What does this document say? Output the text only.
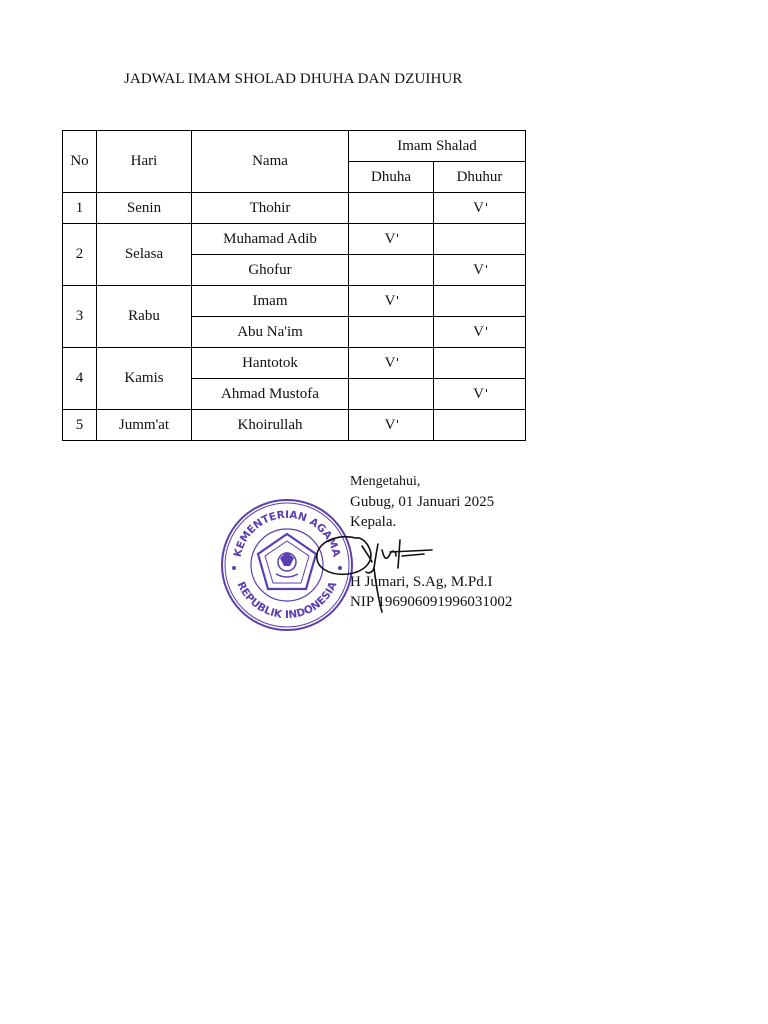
JADWAL IMAM SHOLAD DHUHA DAN DZUIHUR
No	Hari	Nama	Imam Shalad	
			Dhuha	Dhuhur
1	Senin	Thohir		V
2	Selasa	Muhamad Adib	V	
		Ghofur		V
3	Rabu	Imam	V	
		Abu Na'im		V
4	Kamis	Hantotok	V	
		Ahmad Mustofa		V
5	Jumm'at	Khoirullah	V	
KEMENTERIAN AGAMA
REPUBLIK INDONESIA
Mengetahui,
Gubug, 01 Januari 2025
Kepala.
H Jumari, S.Ag, M.Pd.I
NIP 196906091996031002
